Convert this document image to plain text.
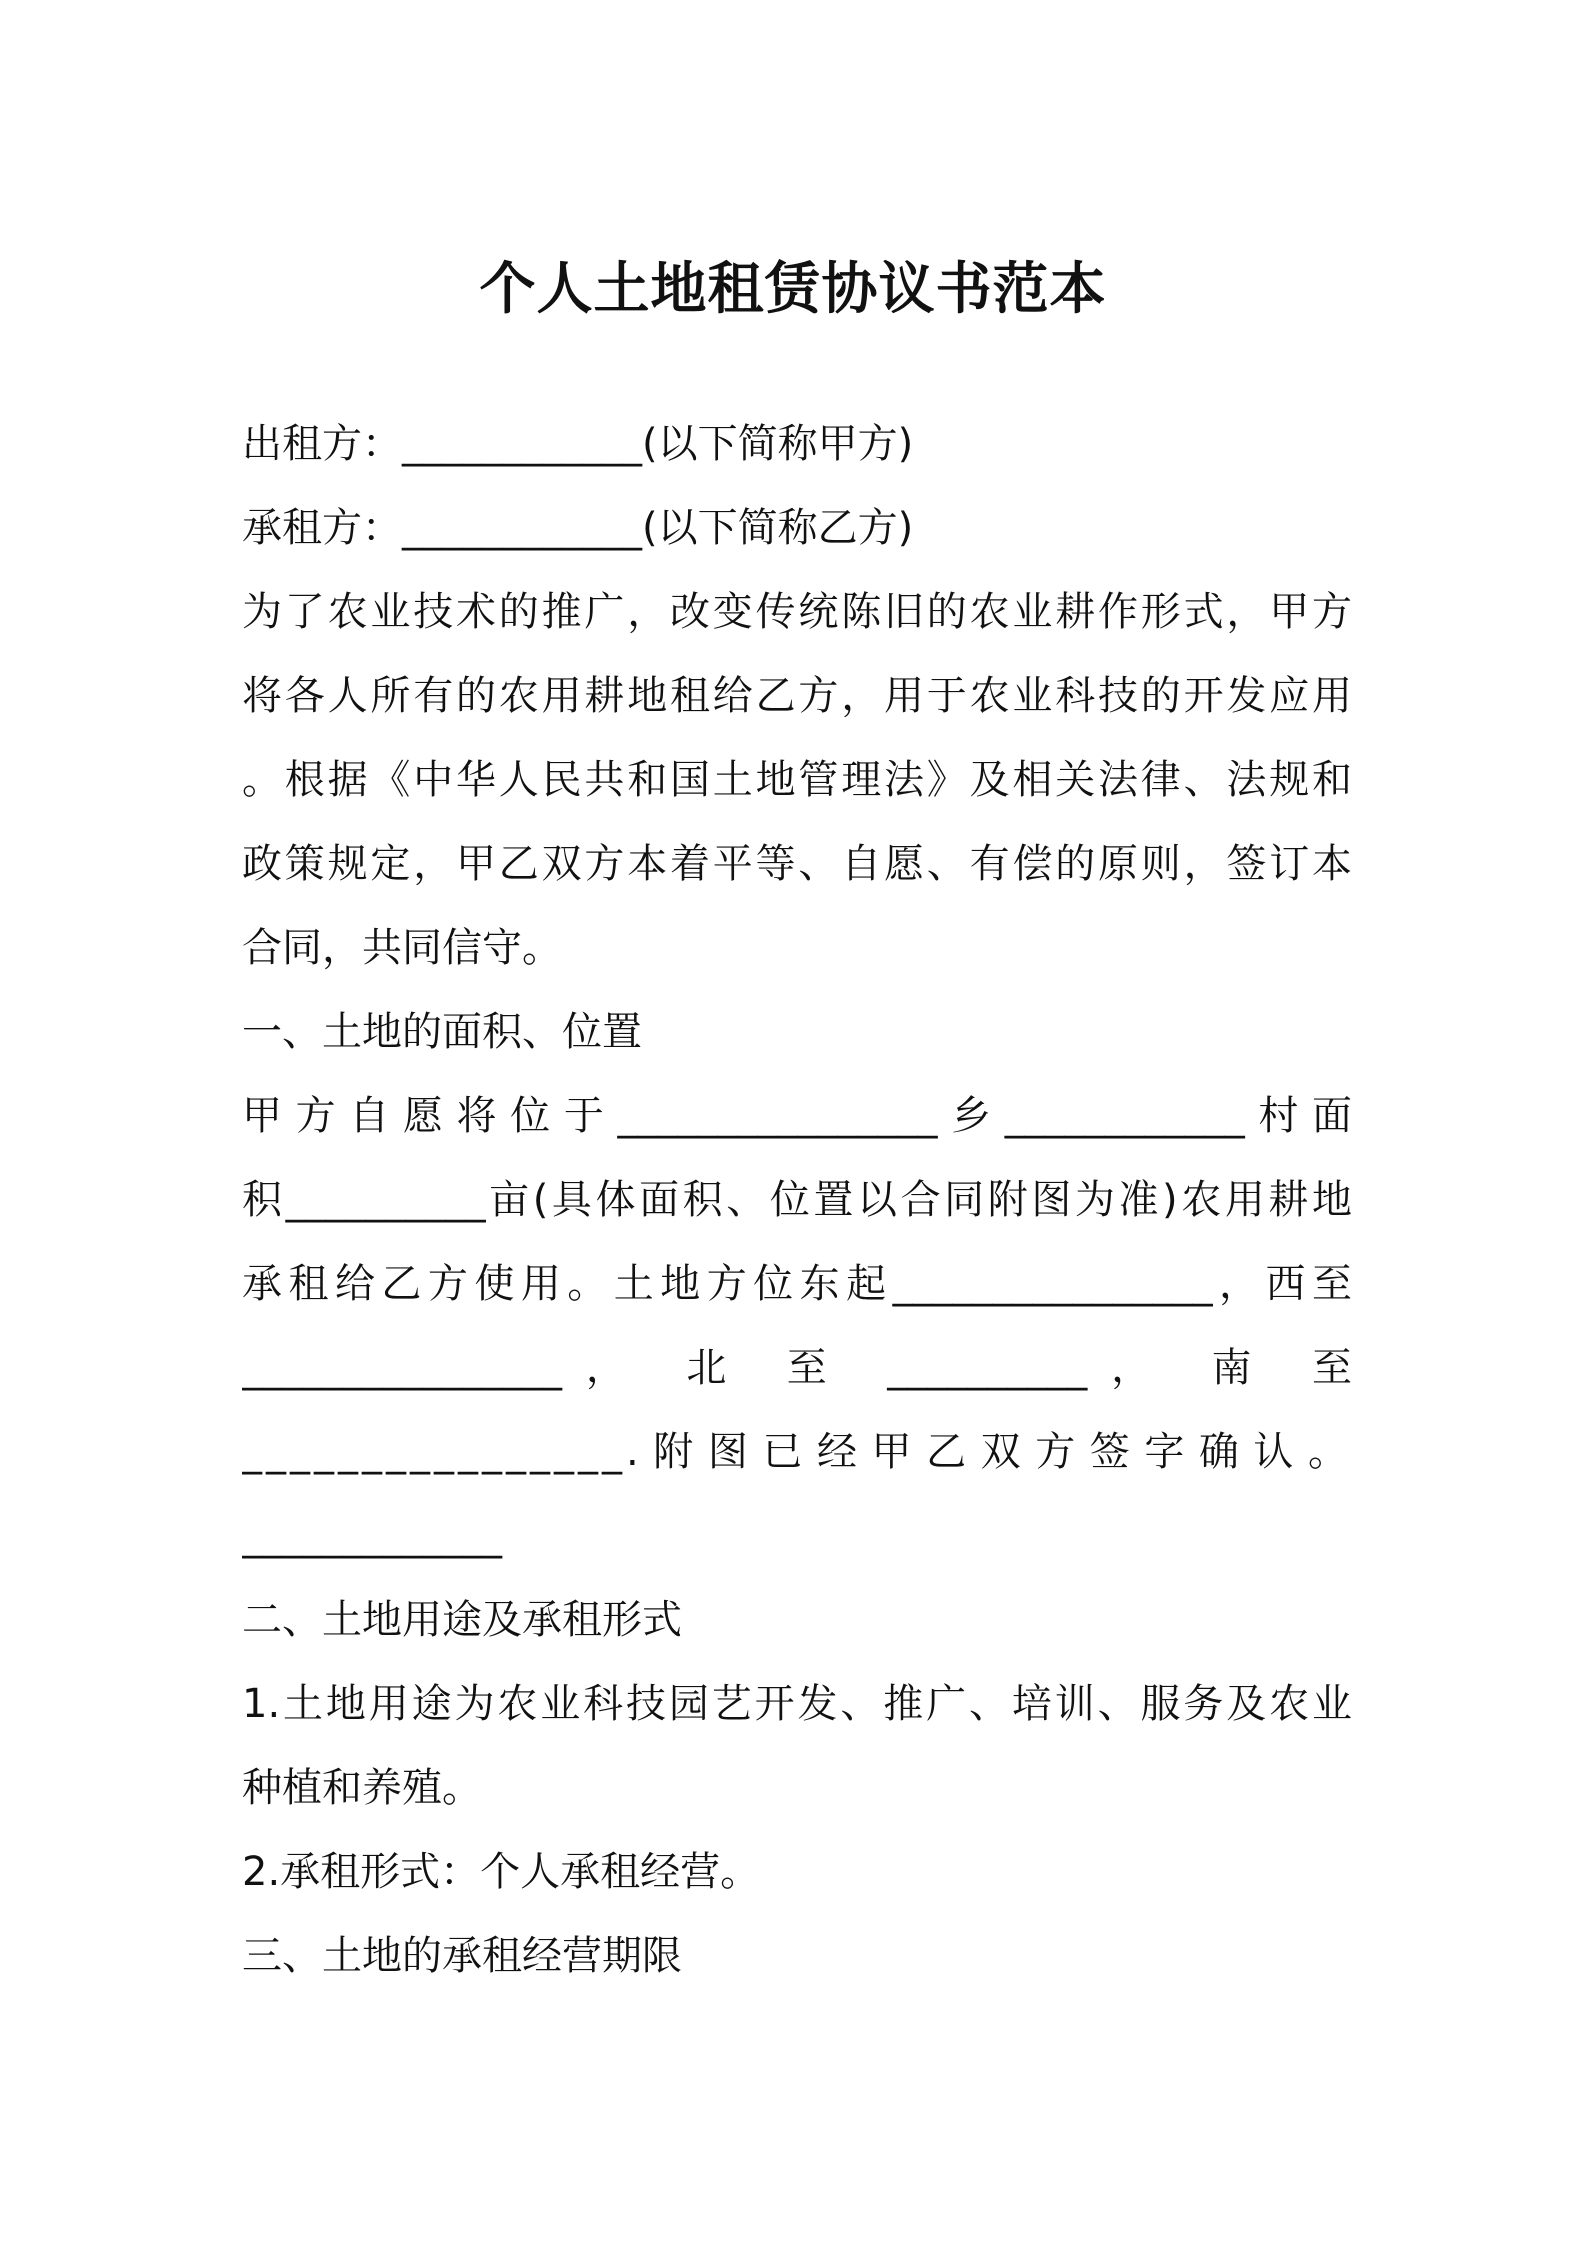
个人土地租赁协议书范本
出租方：____________(以下简称甲方)
承租方：____________(以下简称乙方)
为了农业技术的推广，改变传统陈旧的农业耕作形式，甲方
将各人所有的农用耕地租给乙方，用于农业科技的开发应用
。根据《中华人民共和国土地管理法》及相关法律、法规和
政策规定，甲乙双方本着平等、自愿、有偿的原则，签订本
合同，共同信守。
一、土地的面积、位置
甲方自愿将位于________________乡____________村面
积__________亩(具体面积、位置以合同附图为准)农用耕地
承租给乙方使用。土地方位东起________________，西至
________________， 北 至 __________， 南 至
________________.附图已经甲乙双方签字确认。
_____________
二、土地用途及承租形式
1.土地用途为农业科技园艺开发、推广、培训、服务及农业
种植和养殖。
2.承租形式：个人承租经营。
三、土地的承租经营期限
